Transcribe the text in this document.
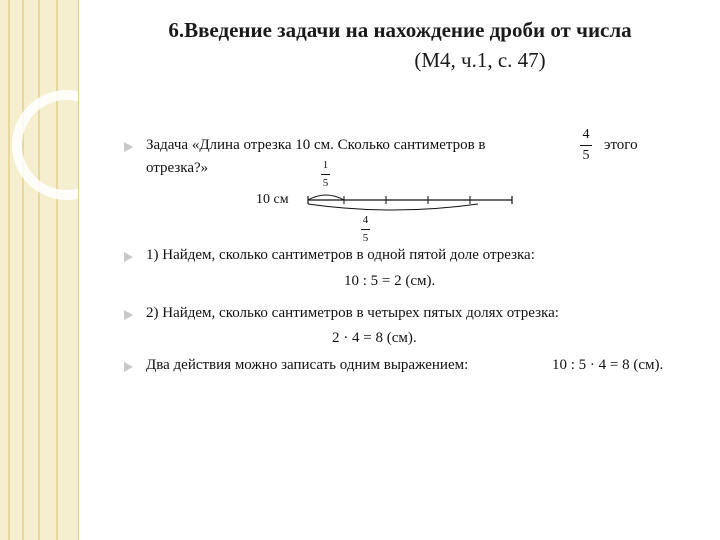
6.Введение задачи на нахождение дроби от числа
(М4, ч.1, с. 47)
Задача «Длина отрезка 10 см. Сколько сантиметров в
4
5
этого
отрезка?»	1
5
10 см
4
5
1) Найдем, сколько сантиметров в одной пятой доле отрезка:
10 : 5 = 2 (см).
2) Найдем, сколько сантиметров в четырех пятых долях отрезка:
2 · 4 = 8 (см).
Два действия можно записать одним выражением:	10 : 5 · 4 = 8 (см).
